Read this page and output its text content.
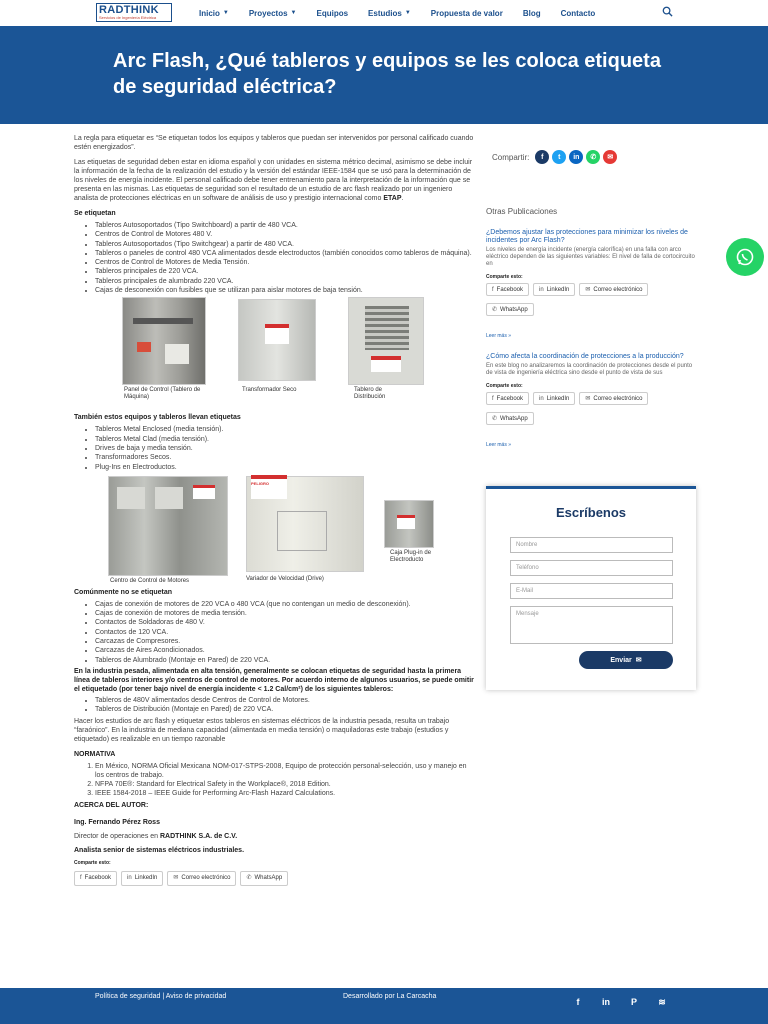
RADTHINK
Servicios de Ingeniería Eléctrica	Inicio ▼	Proyectos ▼	Equipos	Estudios ▼	Propuesta de valor	Blog	Contacto
Arc Flash, ¿Qué tableros y equipos se les coloca etiqueta de seguridad eléctrica?

La regla para etiquetar es “Se etiquetan todos los equipos y tableros que puedan ser intervenidos por personal calificado cuando estén energizados”.

Las etiquetas de seguridad deben estar en idioma español y con unidades en sistema métrico decimal, asimismo se debe incluir la información de la fecha de la realización del estudio y la versión del estándar IEEE-1584 que se usó para la determinación de los niveles de energía incidente. El personal calificado debe tener entrenamiento para la interpretación de la información que se presenta en las mismas. Las etiquetas de seguridad son el resultado de un estudio de arc flash realizado por un ingeniero analista de protecciones eléctricas en un software de análisis de uso y prestigio internacional como ETAP.

Se etiquetan
• Tableros Autosoportados (Tipo Switchboard) a partir de 480 VCA.
• Centros de Control de Motores 480 V.
• Tableros Autosoportados (Tipo Switchgear) a partir de 480 VCA.
• Tableros o paneles de control 480 VCA alimentados desde electroductos (también conocidos como tableros de máquina).
• Centros de Control de Motores de Media Tensión.
• Tableros principales de 220 VCA.
• Tableros principales de alumbrado 220 VCA.
• Cajas de desconexión con fusibles que se utilizan para aislar motores de baja tensión.
Panel de Control (Tablero de Máquina)
Transformador Seco	Tablero de Distribución
También estos equipos y tableros llevan etiquetas
• Tableros Metal Enclosed (media tensión).
• Tableros Metal Clad (media tensión).
• Drives de baja y media tensión.
• Transformadores Secos.
• Plug-Ins en Electroductos.
Centro de Control de Motores
PELIGRO
Variador de Velocidad (Drive)
Caja Plug-in de Electroducto
Comúnmente no se etiquetan
• Cajas de conexión de motores de 220 VCA o 480 VCA (que no contengan un medio de desconexión).
• Cajas de conexión de motores de media tensión.
• Contactos de Soldadoras de 480 V.
• Contactos de 120 VCA.
• Carcazas de Compresores.
• Carcazas de Aires Acondicionados.
• Tableros de Alumbrado (Montaje en Pared) de 220 VCA.

En la industria pesada, alimentada en alta tensión, generalmente se colocan etiquetas de seguridad hasta la primera línea de tableros interiores y/o centros de control de motores. Por acuerdo interno de algunos usuarios, se puede omitir el etiquetado (por tener bajo nivel de energía incidente < 1.2 Cal/cm²) de los siguientes tableros:

• Tableros de 480V alimentados desde Centros de Control de Motores.
• Tableros de Distribución (Montaje en Pared) de 220 VCA.

Hacer los estudios de arc flash y etiquetar estos tableros en sistemas eléctricos de la industria pesada, resulta un trabajo “faraónico”. En la industria de mediana capacidad (alimentada en media tensión) o maquiladoras este trabajo (estudios y etiquetado) es realizable en un tiempo razonable

NORMATIVA
1. En México, NORMA Oficial Mexicana NOM-017-STPS-2008, Equipo de protección personal-selección, uso y manejo en los centros de trabajo.
2. NFPA 70E®: Standard for Electrical Safety in the Workplace®, 2018 Edition.
3. IEEE 1584-2018 – IEEE Guide for Performing Arc-Flash Hazard Calculations.
ACERCA DEL AUTOR:

Ing. Fernando Pérez Ross

Director de operaciones en RADTHINK S.A. de C.V.

Analista senior de sistemas eléctricos industriales.

Comparte esto:
f Facebook	in LinkedIn	✉ Correo electrónico	✆ WhatsApp
Compartir:	f	t	in	✆	✉
Otras Publicaciones
¿Debemos ajustar las protecciones para minimizar los niveles de incidentes por Arc Flash?
Los niveles de energía incidente (energía calorífica) en una falla con arco eléctrico dependen de las siguientes variables: El nivel de falla de cortocircuito en
Comparte esto:
f Facebook	in LinkedIn	✉ Correo electrónico
✆ WhatsApp
Leer más »
¿Cómo afecta la coordinación de protecciones a la producción?
En este blog no analizaremos la coordinación de protecciones desde el punto de vista de ingeniería eléctrica sino desde el punto de vista de sus
Comparte esto:
f Facebook	in LinkedIn	✉ Correo electrónico
✆ WhatsApp
Leer más »
Escríbenos
Nombre
Teléfono
E-Mail
Mensaje
Enviar ✉
Política de seguridad | Aviso de privacidad	Desarrollado por La Carcacha
f	in	P	≋
